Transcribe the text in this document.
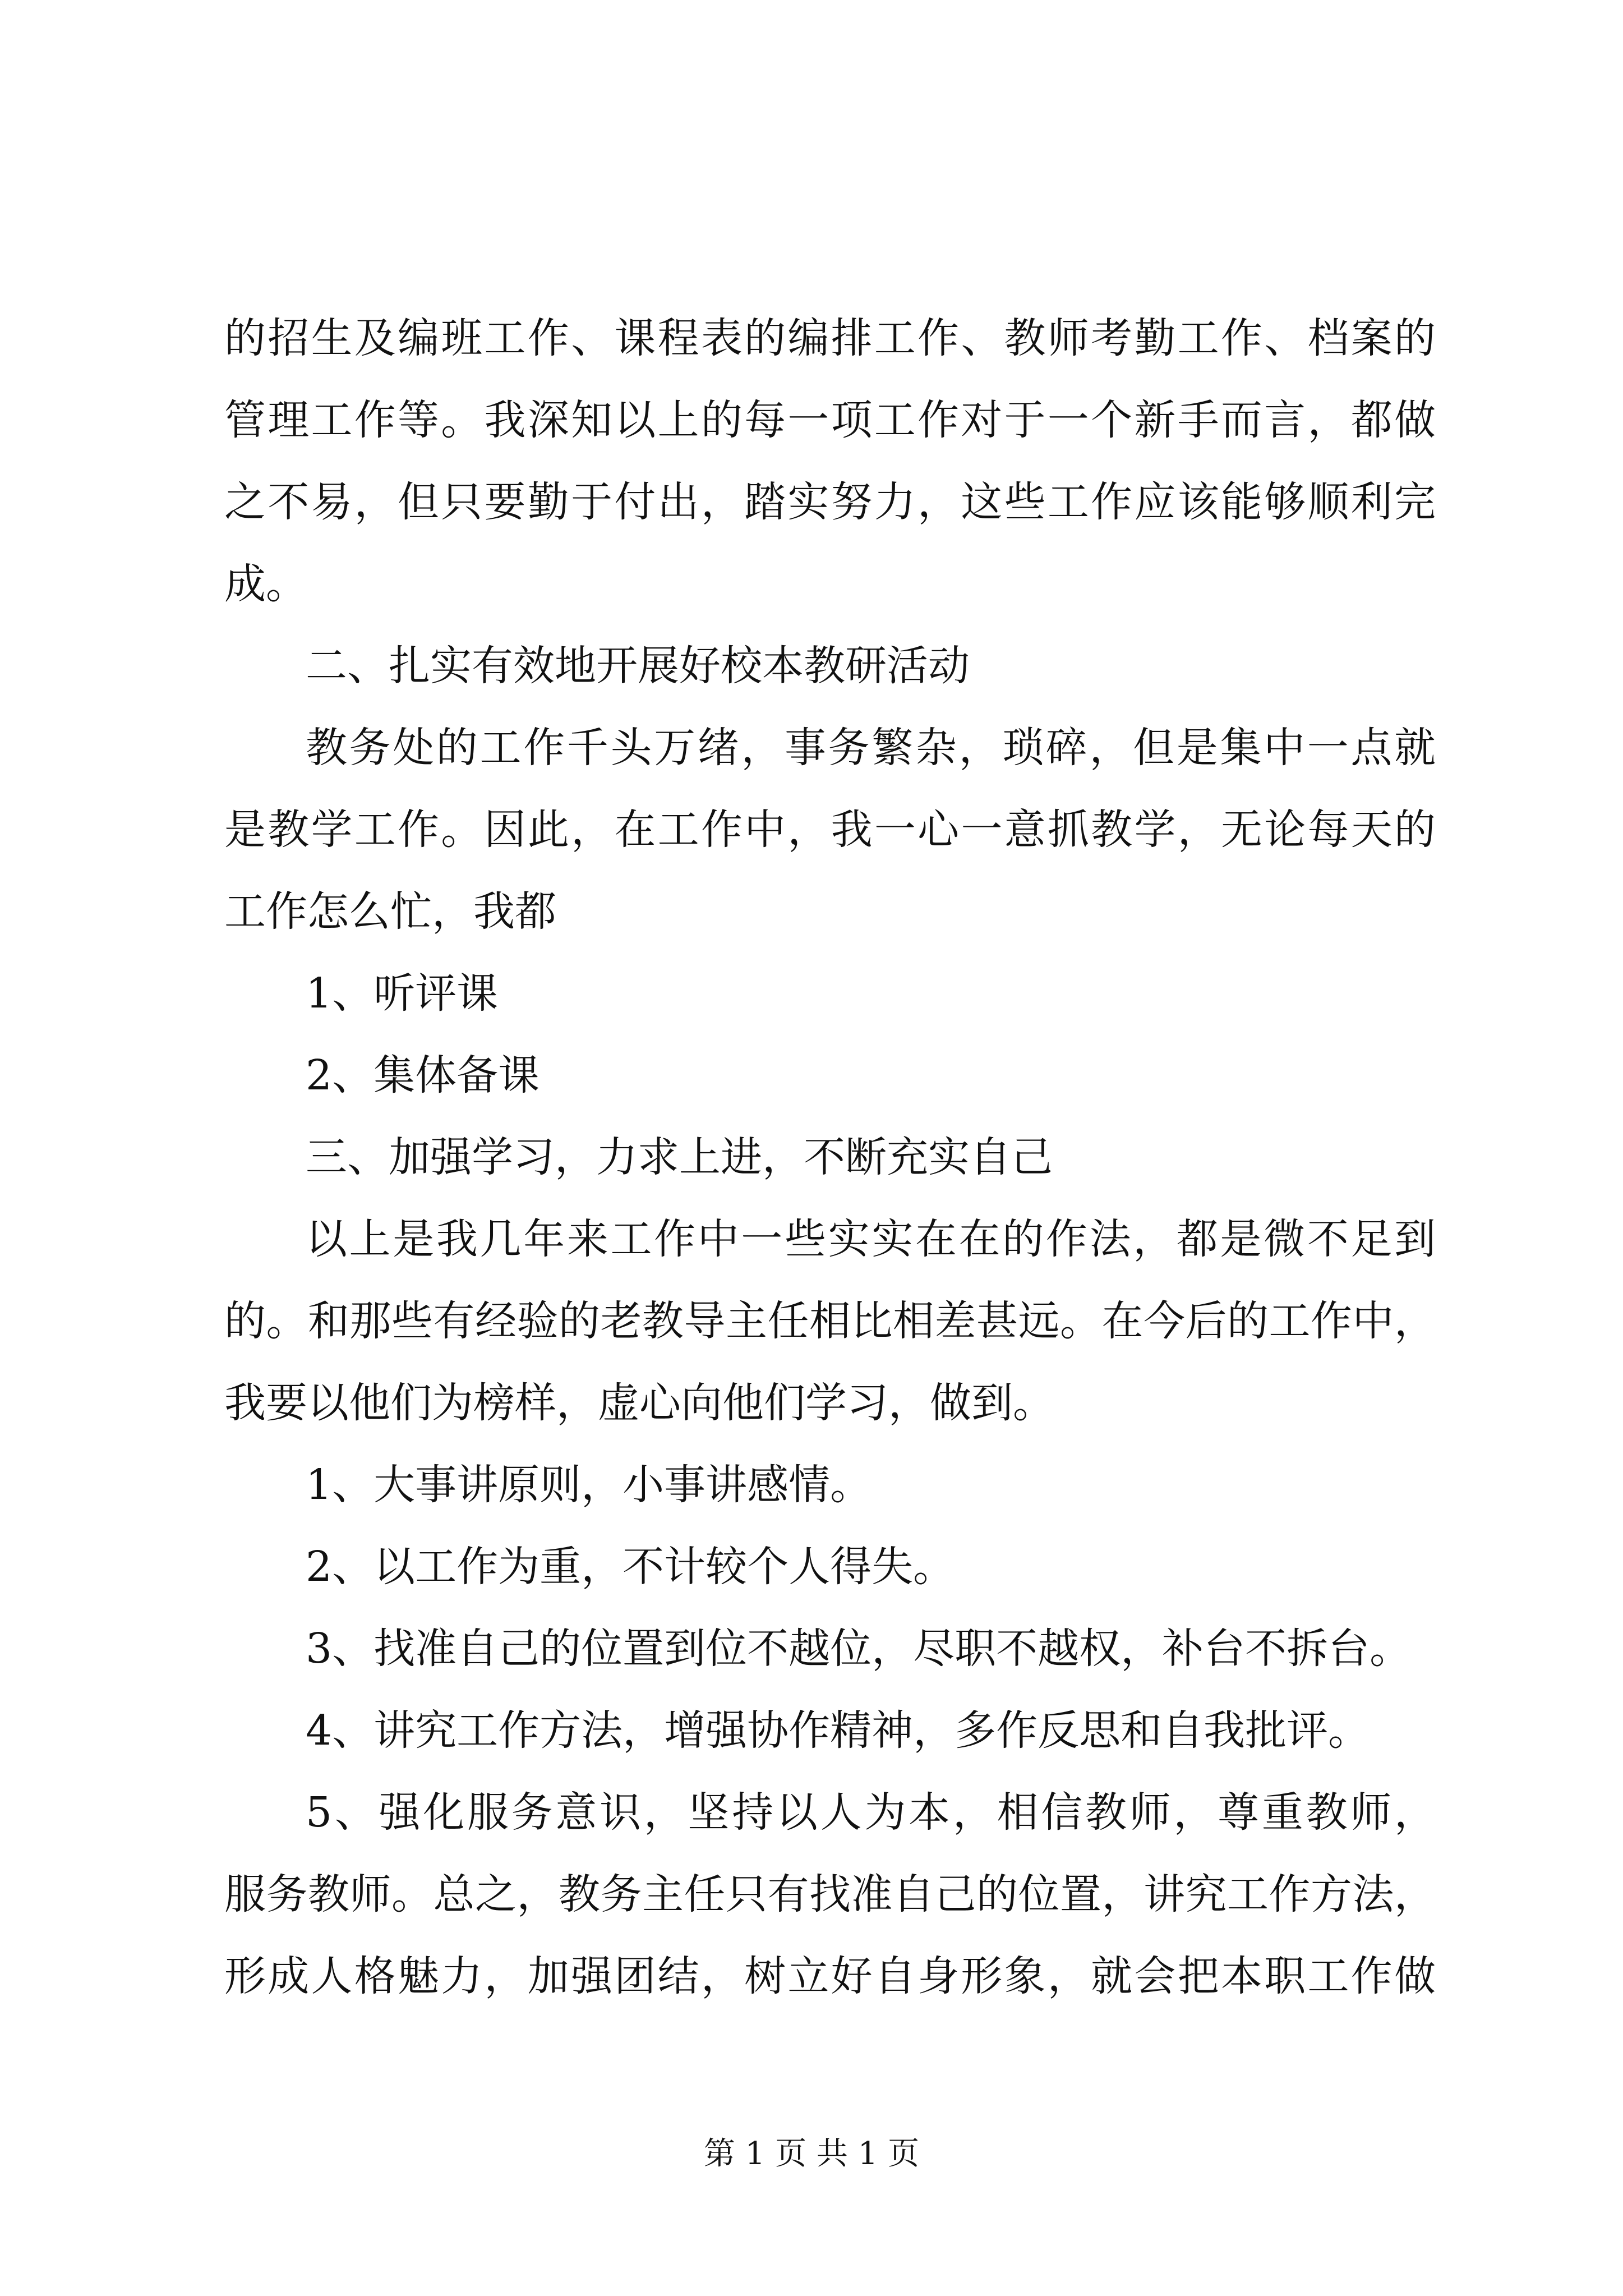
的招生及编班工作、课程表的编排工作、教师考勤工作、档案的
管理工作等。我深知以上的每一项工作对于一个新手而言，都做
之不易，但只要勤于付出，踏实努力，这些工作应该能够顺利完
成。
二、扎实有效地开展好校本教研活动
教务处的工作千头万绪，事务繁杂，琐碎，但是集中一点就
是教学工作。因此，在工作中，我一心一意抓教学，无论每天的
工作怎么忙，我都
1、听评课
2、集体备课
三、加强学习，力求上进，不断充实自己
以上是我几年来工作中一些实实在在的作法，都是微不足到
的。和那些有经验的老教导主任相比相差甚远。在今后的工作中，
我要以他们为榜样，虚心向他们学习，做到。
1、大事讲原则，小事讲感情。
2、以工作为重，不计较个人得失。
3、找准自己的位置到位不越位，尽职不越权，补台不拆台。
4、讲究工作方法，增强协作精神，多作反思和自我批评。
5、强化服务意识，坚持以人为本，相信教师，尊重教师，
服务教师。总之，教务主任只有找准自己的位置，讲究工作方法，
形成人格魅力，加强团结，树立好自身形象，就会把本职工作做
第 1 页 共 1 页
